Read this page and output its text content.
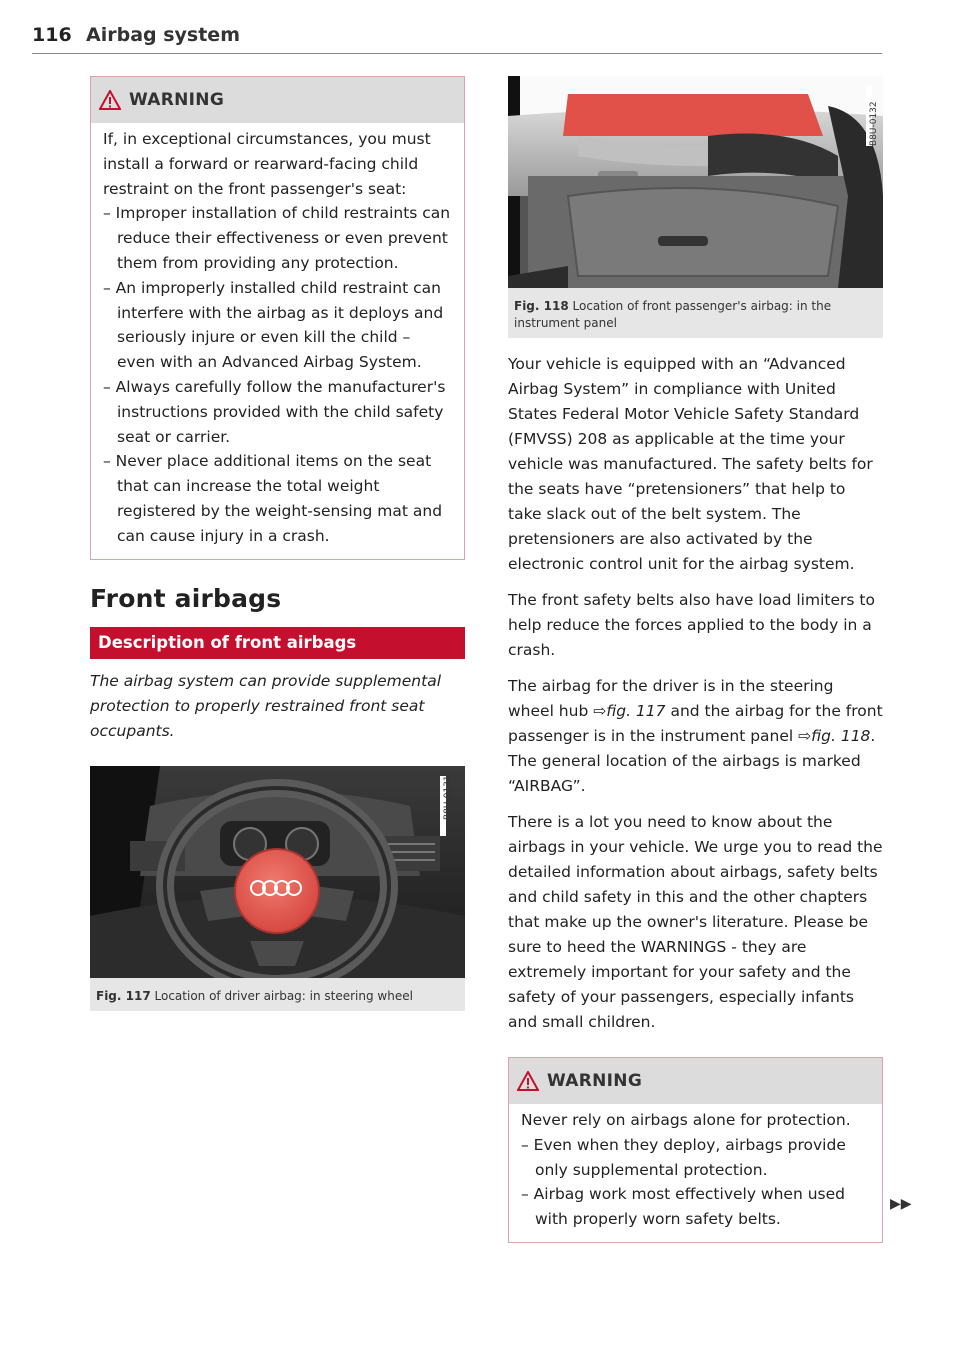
116 Airbag system
WARNING

If, in exceptional circumstances, you must install a forward or rearward-facing child restraint on the front passenger's seat:

– Improper installation of child restraints can reduce their effectiveness or even prevent them from providing any protection.
– An improperly installed child restraint can interfere with the airbag as it deploys and seriously injure or even kill the child – even with an Advanced Airbag System.
– Always carefully follow the manufacturer's instructions provided with the child safety seat or carrier.
– Never place additional items on the seat that can increase the total weight registered by the weight-sensing mat and can cause injury in a crash.
Front airbags
Description of front airbags
The airbag system can provide supplemental protection to properly restrained front seat occupants.
Fig. 117 Location of driver airbag: in steering wheel
B8U-0131
Fig. 118 Location of front passenger's airbag: in the instrument panel
B8U-0132

Your vehicle is equipped with an “Advanced Airbag System” in compliance with United States Federal Motor Vehicle Safety Standard (FMVSS) 208 as applicable at the time your vehicle was manufactured. The safety belts for the seats have “pretensioners” that help to take slack out of the belt system. The pretensioners are also activated by the electronic control unit for the airbag system.

The front safety belts also have load limiters to help reduce the forces applied to the body in a crash.

The airbag for the driver is in the steering wheel hub ⇨fig. 117 and the airbag for the front passenger is in the instrument panel ⇨fig. 118. The general location of the airbags is marked “AIRBAG”.

There is a lot you need to know about the airbags in your vehicle. We urge you to read the detailed information about airbags, safety belts and child safety in this and the other chapters that make up the owner's literature. Please be sure to heed the WARNINGS - they are extremely important for your safety and the safety of your passengers, especially infants and small children.

WARNING

Never rely on airbags alone for protection.

– Even when they deploy, airbags provide only supplemental protection.
– Airbag work most effectively when used with properly worn safety belts.
▶▶
